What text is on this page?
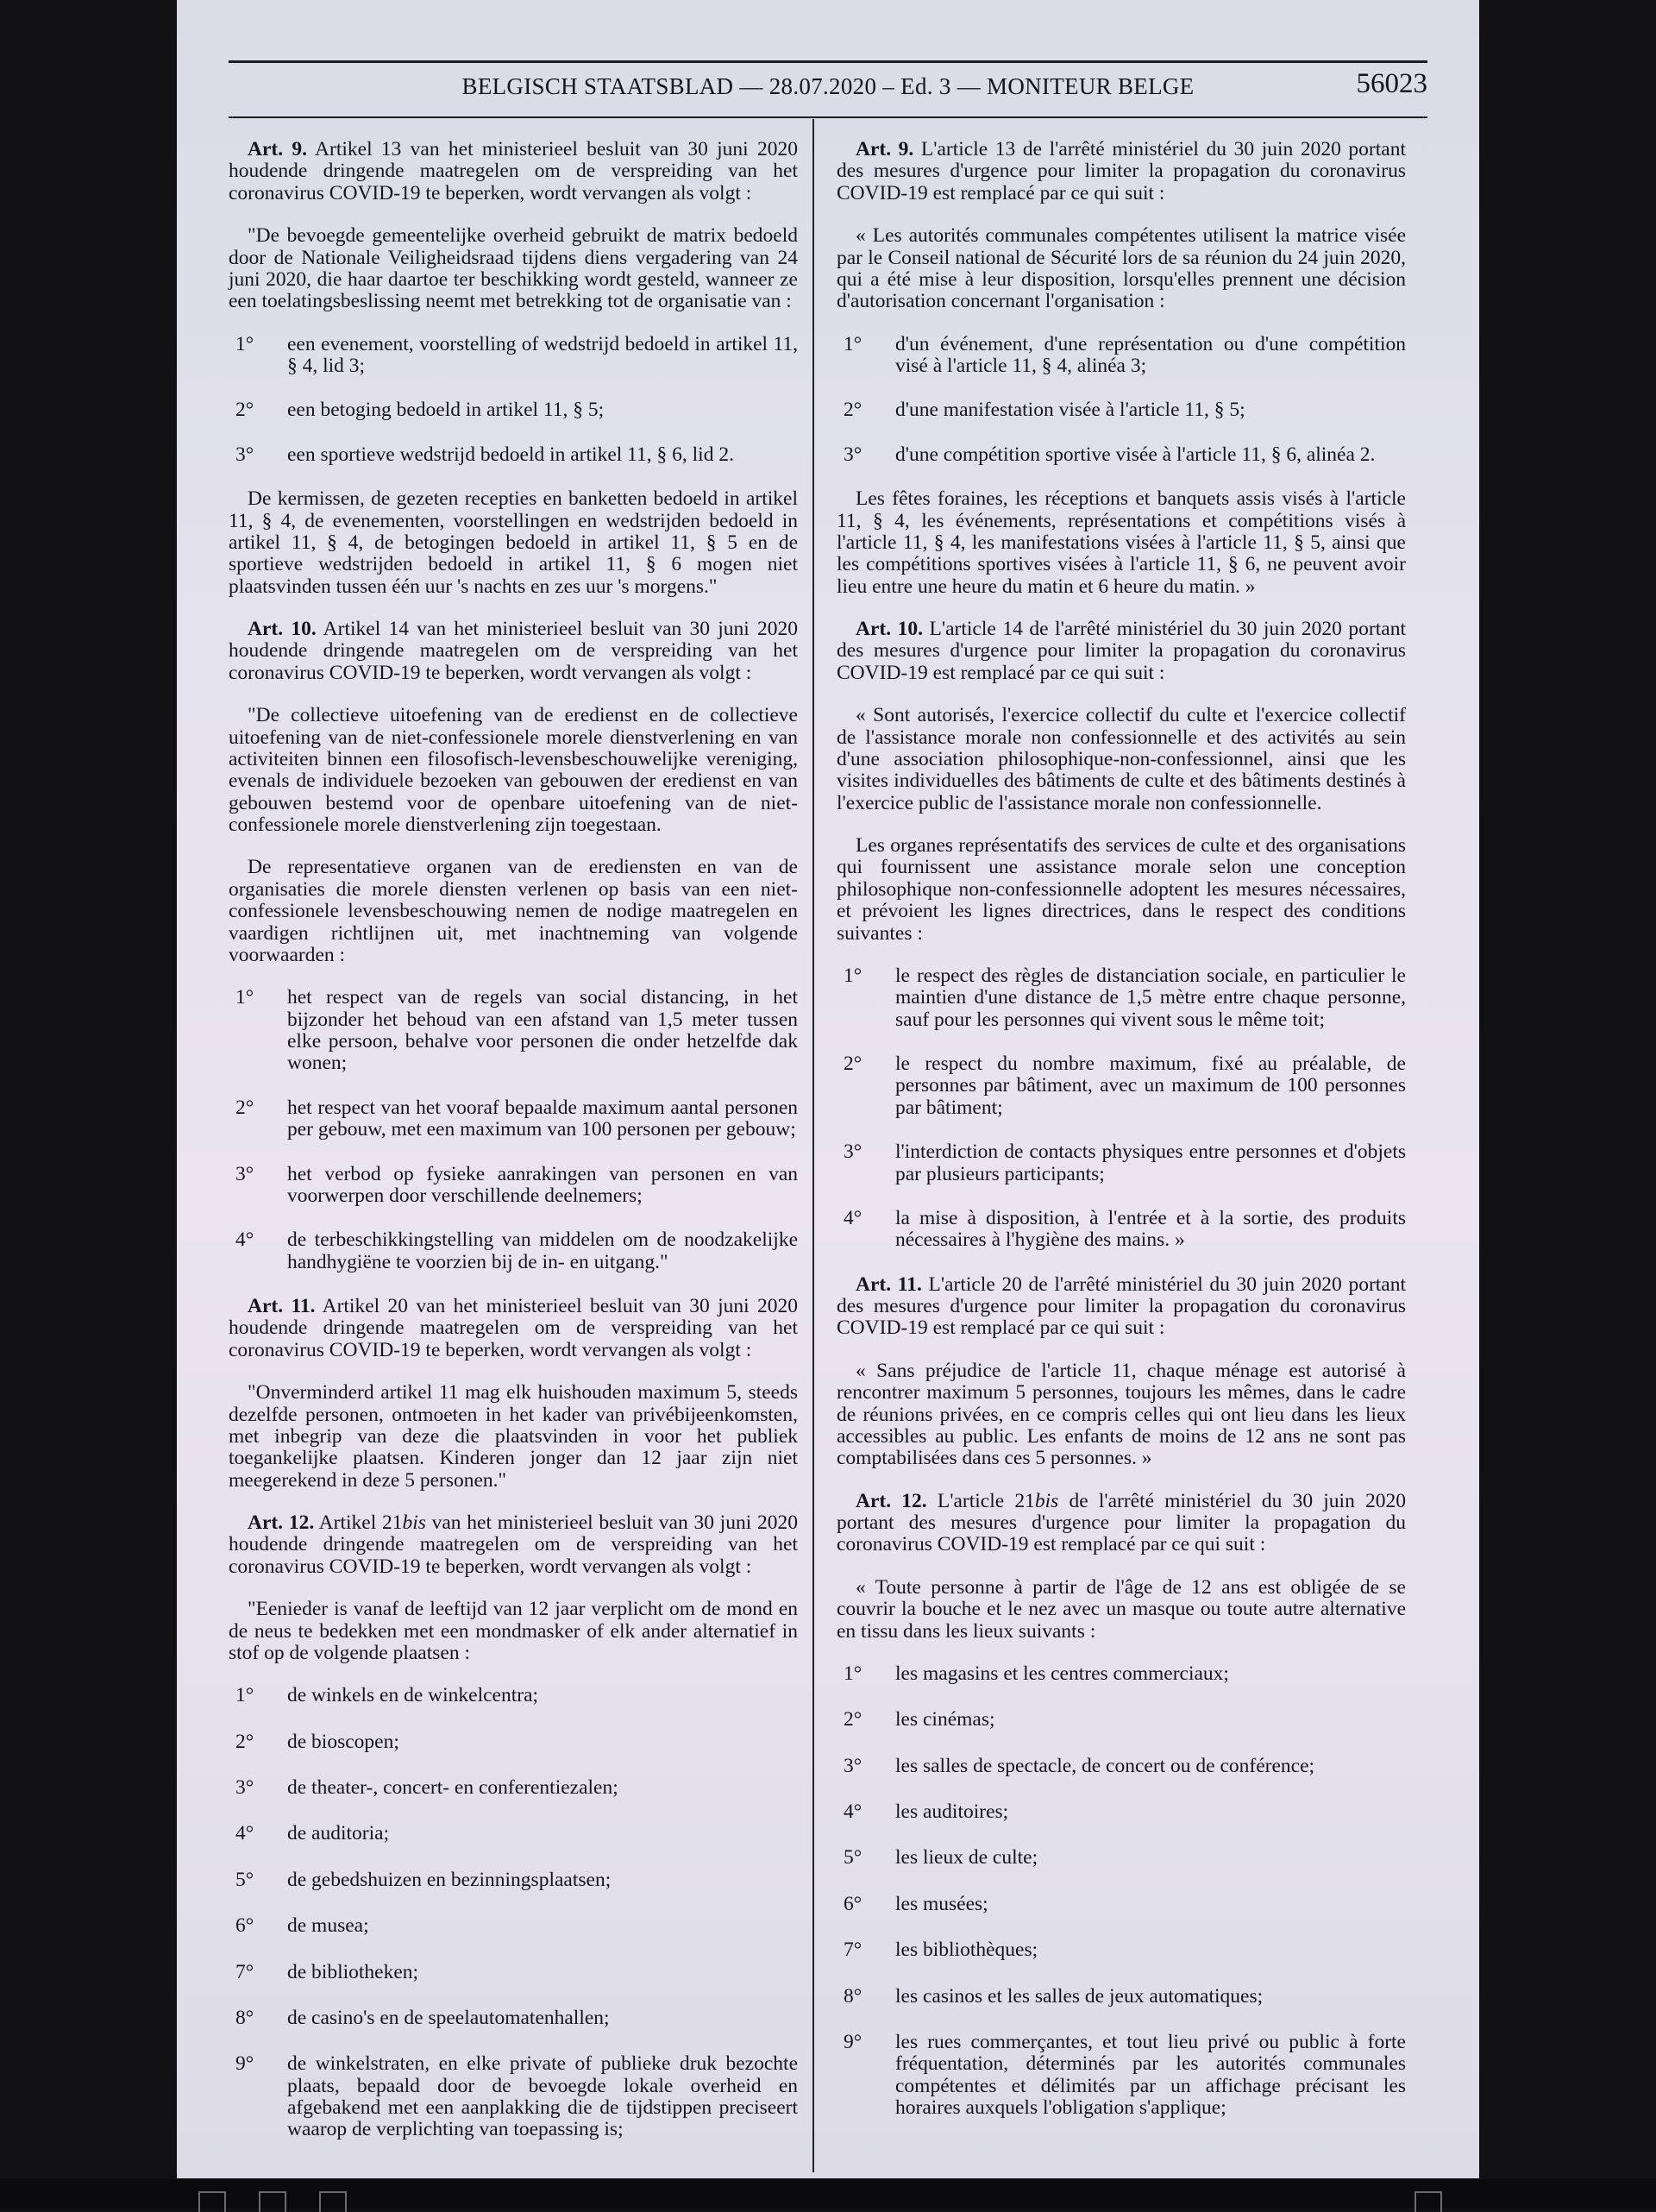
BELGISCH STAATSBLAD — 28.07.2020 – Ed. 3 — MONITEUR BELGE	56023

Art. 9. Artikel 13 van het ministerieel besluit van 30 juni 2020 houdende dringende maatregelen om de verspreiding van het coronavirus COVID-19 te beperken, wordt vervangen als volgt :

"De bevoegde gemeentelijke overheid gebruikt de matrix bedoeld door de Nationale Veiligheidsraad tijdens diens vergadering van 24 juni 2020, die haar daartoe ter beschikking wordt gesteld, wanneer ze een toelatingsbeslissing neemt met betrekking tot de organisatie van :

1°	een evenement, voorstelling of wedstrijd bedoeld in artikel 11, § 4, lid 3;
2°	een betoging bedoeld in artikel 11, § 5;
3°	een sportieve wedstrijd bedoeld in artikel 11, § 6, lid 2.

De kermissen, de gezeten recepties en banketten bedoeld in artikel 11, § 4, de evenementen, voorstellingen en wedstrijden bedoeld in artikel 11, § 4, de betogingen bedoeld in artikel 11, § 5 en de sportieve wedstrijden bedoeld in artikel 11, § 6 mogen niet plaatsvinden tussen één uur 's nachts en zes uur 's morgens."

Art. 10. Artikel 14 van het ministerieel besluit van 30 juni 2020 houdende dringende maatregelen om de verspreiding van het coronavirus COVID-19 te beperken, wordt vervangen als volgt :

"De collectieve uitoefening van de eredienst en de collectieve uitoefening van de niet-confessionele morele dienstverlening en van activiteiten binnen een filosofisch-levensbeschouwelijke vereniging, evenals de individuele bezoeken van gebouwen der eredienst en van gebouwen bestemd voor de openbare uitoefening van de niet-confessionele morele dienstverlening zijn toegestaan.

De representatieve organen van de erediensten en van de organisaties die morele diensten verlenen op basis van een niet-confessionele levensbeschouwing nemen de nodige maatregelen en vaardigen richtlijnen uit, met inachtneming van volgende voorwaarden :

1°	het respect van de regels van social distancing, in het bijzonder het behoud van een afstand van 1,5 meter tussen elke persoon, behalve voor personen die onder hetzelfde dak wonen;
2°	het respect van het vooraf bepaalde maximum aantal personen per gebouw, met een maximum van 100 personen per gebouw;
3°	het verbod op fysieke aanrakingen van personen en van voorwerpen door verschillende deelnemers;
4°	de terbeschikkingstelling van middelen om de noodzakelijke handhygiëne te voorzien bij de in- en uitgang."

Art. 11. Artikel 20 van het ministerieel besluit van 30 juni 2020 houdende dringende maatregelen om de verspreiding van het coronavirus COVID-19 te beperken, wordt vervangen als volgt :

"Onverminderd artikel 11 mag elk huishouden maximum 5, steeds dezelfde personen, ontmoeten in het kader van privébijeenkomsten, met inbegrip van deze die plaatsvinden in voor het publiek toegankelijke plaatsen. Kinderen jonger dan 12 jaar zijn niet meegerekend in deze 5 personen."

Art. 12. Artikel 21bis van het ministerieel besluit van 30 juni 2020 houdende dringende maatregelen om de verspreiding van het coronavirus COVID-19 te beperken, wordt vervangen als volgt :

"Eenieder is vanaf de leeftijd van 12 jaar verplicht om de mond en de neus te bedekken met een mondmasker of elk ander alternatief in stof op de volgende plaatsen :

1°	de winkels en de winkelcentra;
2°	de bioscopen;
3°	de theater-, concert- en conferentiezalen;
4°	de auditoria;
5°	de gebedshuizen en bezinningsplaatsen;
6°	de musea;
7°	de bibliotheken;
8°	de casino's en de speelautomatenhallen;
9°	de winkelstraten, en elke private of publieke druk bezochte plaats, bepaald door de bevoegde lokale overheid en afgebakend met een aanplakking die de tijdstippen preciseert waarop de verplichting van toepassing is;

Art. 9. L'article 13 de l'arrêté ministériel du 30 juin 2020 portant des mesures d'urgence pour limiter la propagation du coronavirus COVID-19 est remplacé par ce qui suit :

« Les autorités communales compétentes utilisent la matrice visée par le Conseil national de Sécurité lors de sa réunion du 24 juin 2020, qui a été mise à leur disposition, lorsqu'elles prennent une décision d'autorisation concernant l'organisation :

1°	d'un événement, d'une représentation ou d'une compétition visé à l'article 11, § 4, alinéa 3;
2°	d'une manifestation visée à l'article 11, § 5;
3°	d'une compétition sportive visée à l'article 11, § 6, alinéa 2.

Les fêtes foraines, les réceptions et banquets assis visés à l'article 11, § 4, les événements, représentations et compétitions visés à l'article 11, § 4, les manifestations visées à l'article 11, § 5, ainsi que les compétitions sportives visées à l'article 11, § 6, ne peuvent avoir lieu entre une heure du matin et 6 heure du matin. »

Art. 10. L'article 14 de l'arrêté ministériel du 30 juin 2020 portant des mesures d'urgence pour limiter la propagation du coronavirus COVID-19 est remplacé par ce qui suit :

« Sont autorisés, l'exercice collectif du culte et l'exercice collectif de l'assistance morale non confessionnelle et des activités au sein d'une association philosophique-non-confessionnel, ainsi que les visites individuelles des bâtiments de culte et des bâtiments destinés à l'exercice public de l'assistance morale non confessionnelle.

Les organes représentatifs des services de culte et des organisations qui fournissent une assistance morale selon une conception philosophique non-confessionnelle adoptent les mesures nécessaires, et prévoient les lignes directrices, dans le respect des conditions suivantes :

1°	le respect des règles de distanciation sociale, en particulier le maintien d'une distance de 1,5 mètre entre chaque personne, sauf pour les personnes qui vivent sous le même toit;
2°	le respect du nombre maximum, fixé au préalable, de personnes par bâtiment, avec un maximum de 100 personnes par bâtiment;
3°	l'interdiction de contacts physiques entre personnes et d'objets par plusieurs participants;
4°	la mise à disposition, à l'entrée et à la sortie, des produits nécessaires à l'hygiène des mains. »

Art. 11. L'article 20 de l'arrêté ministériel du 30 juin 2020 portant des mesures d'urgence pour limiter la propagation du coronavirus COVID-19 est remplacé par ce qui suit :

« Sans préjudice de l'article 11, chaque ménage est autorisé à rencontrer maximum 5 personnes, toujours les mêmes, dans le cadre de réunions privées, en ce compris celles qui ont lieu dans les lieux accessibles au public. Les enfants de moins de 12 ans ne sont pas comptabilisées dans ces 5 personnes. »

Art. 12. L'article 21bis de l'arrêté ministériel du 30 juin 2020 portant des mesures d'urgence pour limiter la propagation du coronavirus COVID-19 est remplacé par ce qui suit :

« Toute personne à partir de l'âge de 12 ans est obligée de se couvrir la bouche et le nez avec un masque ou toute autre alternative en tissu dans les lieux suivants :

1°	les magasins et les centres commerciaux;
2°	les cinémas;
3°	les salles de spectacle, de concert ou de conférence;
4°	les auditoires;
5°	les lieux de culte;
6°	les musées;
7°	les bibliothèques;
8°	les casinos et les salles de jeux automatiques;
9°	les rues commerçantes, et tout lieu privé ou public à forte fréquentation, déterminés par les autorités communales compétentes et délimités par un affichage précisant les horaires auxquels l'obligation s'applique;
